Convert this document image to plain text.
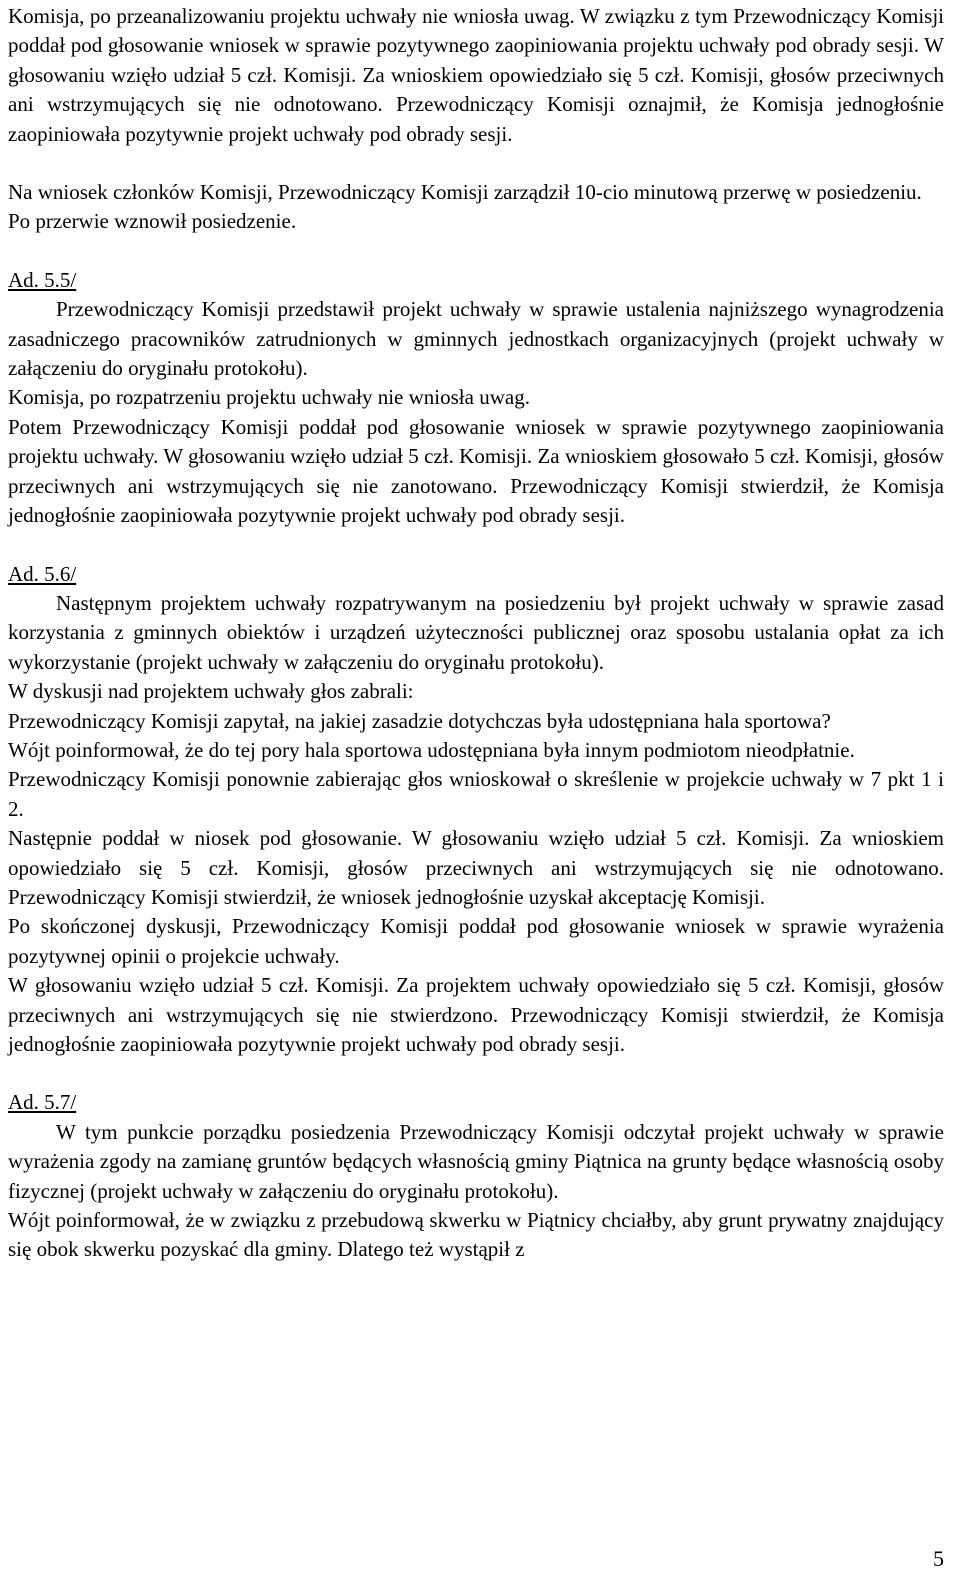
Komisja, po przeanalizowaniu projektu uchwały nie wniosła uwag. W związku z tym Przewodniczący Komisji poddał pod głosowanie wniosek w sprawie pozytywnego zaopiniowania projektu uchwały pod obrady sesji. W głosowaniu wzięło udział 5 czł. Komisji. Za wnioskiem opowiedziało się 5 czł. Komisji, głosów przeciwnych ani wstrzymujących się nie odnotowano. Przewodniczący Komisji oznajmił, że Komisja jednogłośnie zaopiniowała pozytywnie projekt uchwały pod obrady sesji.

Na wniosek członków Komisji, Przewodniczący Komisji zarządził 10-cio minutową przerwę w posiedzeniu.

Po przerwie wznowił posiedzenie.

Ad. 5.5/

Przewodniczący Komisji przedstawił projekt uchwały w sprawie ustalenia najniższego wynagrodzenia zasadniczego pracowników zatrudnionych w gminnych jednostkach organizacyjnych (projekt uchwały w załączeniu do oryginału protokołu).

Komisja, po rozpatrzeniu projektu uchwały nie wniosła uwag.

Potem Przewodniczący Komisji poddał pod głosowanie wniosek w sprawie pozytywnego zaopiniowania projektu uchwały. W głosowaniu wzięło udział 5 czł. Komisji. Za wnioskiem głosowało 5 czł. Komisji, głosów przeciwnych ani wstrzymujących się nie zanotowano. Przewodniczący Komisji stwierdził, że Komisja jednogłośnie zaopiniowała pozytywnie projekt uchwały pod obrady sesji.

Ad. 5.6/

Następnym projektem uchwały rozpatrywanym na posiedzeniu był projekt uchwały w sprawie zasad korzystania z gminnych obiektów i urządzeń użyteczności publicznej oraz sposobu ustalania opłat za ich wykorzystanie (projekt uchwały w załączeniu do oryginału protokołu).

W dyskusji nad projektem uchwały głos zabrali:

Przewodniczący Komisji zapytał, na jakiej zasadzie dotychczas była udostępniana hala sportowa?

Wójt poinformował, że do tej pory hala sportowa udostępniana była innym podmiotom nieodpłatnie.

Przewodniczący Komisji ponownie zabierając głos wnioskował o skreślenie w projekcie uchwały w 7 pkt 1 i 2.

Następnie poddał w niosek pod głosowanie. W głosowaniu wzięło udział 5 czł. Komisji. Za wnioskiem opowiedziało się 5 czł. Komisji, głosów przeciwnych ani wstrzymujących się nie odnotowano. Przewodniczący Komisji stwierdził, że wniosek jednogłośnie uzyskał akceptację Komisji.

Po skończonej dyskusji, Przewodniczący Komisji poddał pod głosowanie wniosek w sprawie wyrażenia pozytywnej opinii o projekcie uchwały.

W głosowaniu wzięło udział 5 czł. Komisji. Za projektem uchwały opowiedziało się 5 czł. Komisji, głosów przeciwnych ani wstrzymujących się nie stwierdzono. Przewodniczący Komisji stwierdził, że Komisja jednogłośnie zaopiniowała pozytywnie projekt uchwały pod obrady sesji.

Ad. 5.7/

W tym punkcie porządku posiedzenia Przewodniczący Komisji odczytał projekt uchwały w sprawie wyrażenia zgody na zamianę gruntów będących własnością gminy Piątnica na grunty będące własnością osoby fizycznej (projekt uchwały w załączeniu do oryginału protokołu).

Wójt poinformował, że w związku z przebudową skwerku w Piątnicy chciałby, aby grunt prywatny znajdujący się obok skwerku pozyskać dla gminy. Dlatego też wystąpił z

5
